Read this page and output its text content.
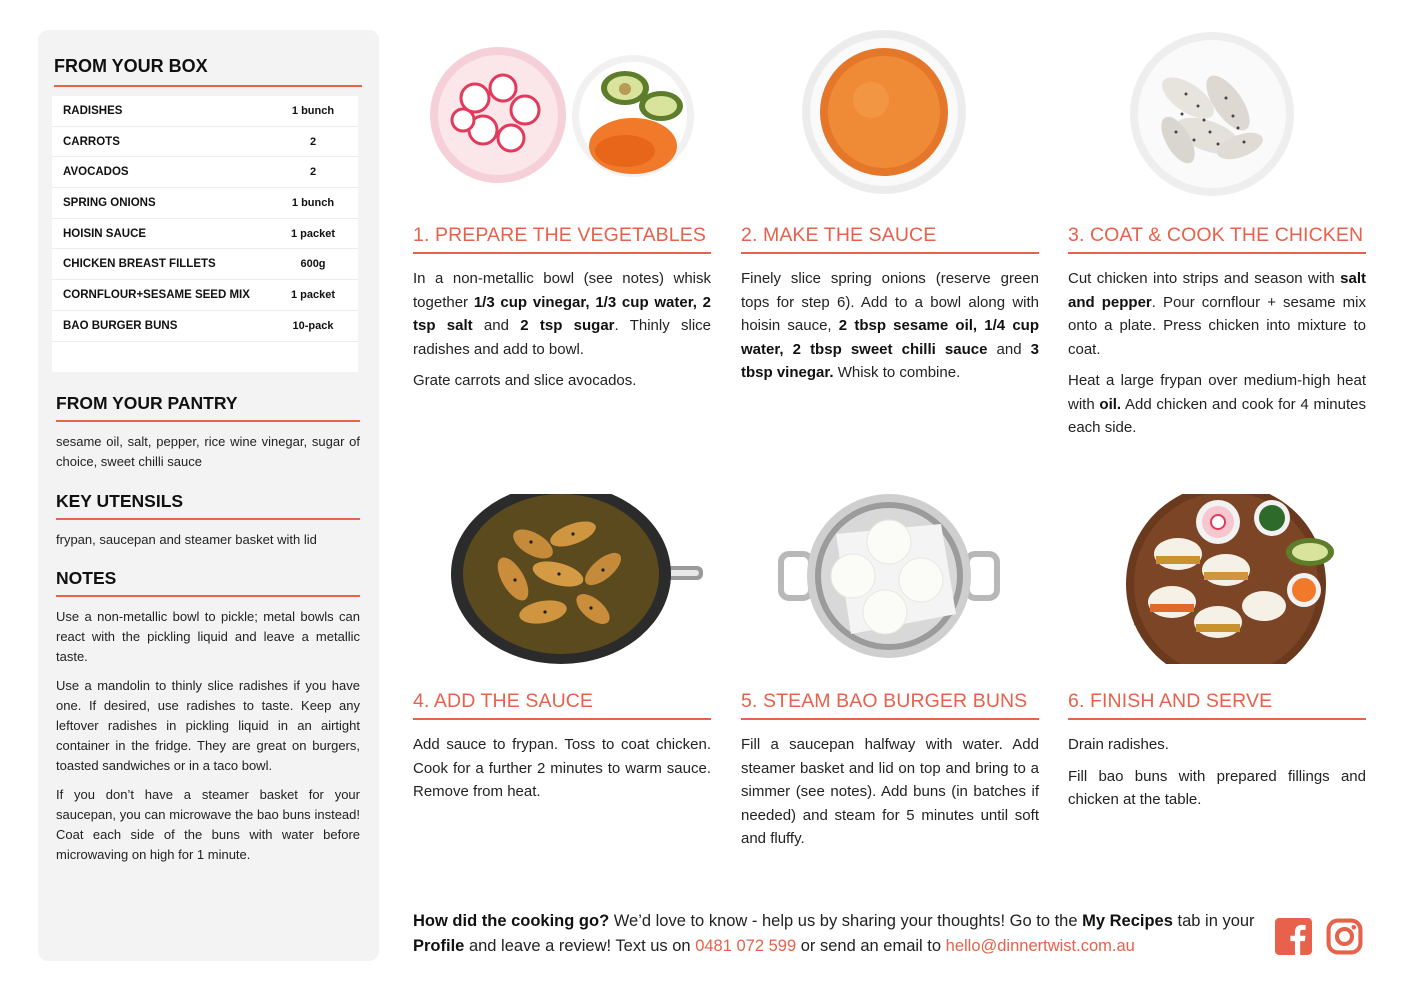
FROM YOUR BOX
RADISHES	1 bunch
CARROTS	2
AVOCADOS	2
SPRING ONIONS	1 bunch
HOISIN SAUCE	1 packet
CHICKEN BREAST FILLETS	600g
CORNFLOUR+SESAME SEED MIX	1 packet
BAO BURGER BUNS	10-pack
FROM YOUR PANTRY

sesame oil, salt, pepper, rice wine vinegar, sugar of choice, sweet chilli sauce

KEY UTENSILS

frypan, saucepan and steamer basket with lid

NOTES

Use a non-metallic bowl to pickle; metal bowls can react with the pickling liquid and leave a metallic taste.

Use a mandolin to thinly slice radishes if you have one. If desired, use radishes to taste. Keep any leftover radishes in pickling liquid in an airtight container in the fridge. They are great on burgers, toasted sandwiches or in a taco bowl.

If you don’t have a steamer basket for your saucepan, you can microwave the bao buns instead! Coat each side of the buns with water before microwaving on high for 1 minute.

1. PREPARE THE VEGETABLES

In a non-metallic bowl (see notes) whisk together 1/3 cup vinegar, 1/3 cup water, 2 tsp salt and 2 tsp sugar. Thinly slice radishes and add to bowl.

Grate carrots and slice avocados.

2. MAKE THE SAUCE

Finely slice spring onions (reserve green tops for step 6). Add to a bowl along with hoisin sauce, 2 tbsp sesame oil, 1/4 cup water, 2 tbsp sweet chilli sauce and 3 tbsp vinegar. Whisk to combine.

3. COAT & COOK THE CHICKEN

Cut chicken into strips and season with salt and pepper. Pour cornflour + sesame mix onto a plate. Press chicken into mixture to coat.

Heat a large frypan over medium-high heat with oil. Add chicken and cook for 4 minutes each side.

4. ADD THE SAUCE

Add sauce to frypan. Toss to coat chicken. Cook for a further 2 minutes to warm sauce. Remove from heat.

5. STEAM BAO BURGER BUNS

Fill a saucepan halfway with water. Add steamer basket and lid on top and bring to a simmer (see notes). Add buns (in batches if needed) and steam for 5 minutes until soft and fluffy.

6. FINISH AND SERVE

Drain radishes.

Fill bao buns with prepared fillings and chicken at the table.

How did the cooking go? We’d love to know - help us by sharing your thoughts! Go to the My Recipes tab in your Profile and leave a review! Text us on 0481 072 599 or send an email to hello@dinnertwist.com.au
